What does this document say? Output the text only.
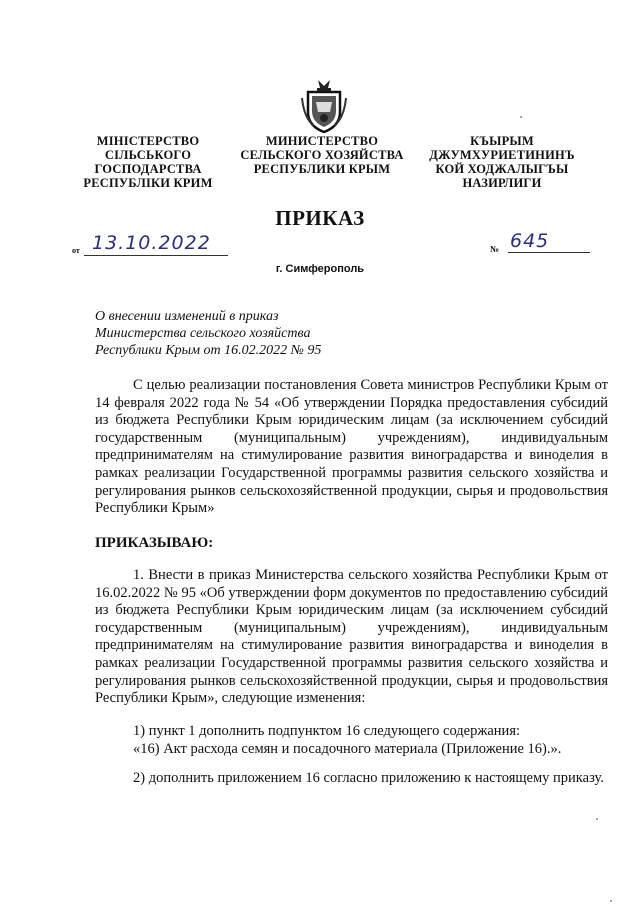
МІНІСТЕРСТВО
СІЛЬСЬКОГО
ГОСПОДАРСТВА
РЕСПУБЛІКИ КРИМ
МИНИСТЕРСТВО
СЕЛЬСКОГО ХОЗЯЙСТВА
РЕСПУБЛИКИ КРЫМ
КЪЫРЫМ
ДЖУМХУРИЕТИНИНЪ
КОЙ ХОДЖАЛЫГЪЫ
НАЗИРЛИГИ
ПРИКАЗ
от 13.10.2022	№ 645
г. Симферополь
О внесении изменений в приказ
Министерства сельского хозяйства
Республики Крым от 16.02.2022 № 95
С целью реализации постановления Совета министров Республики Крым от 14 февраля 2022 года № 54 «Об утверждении Порядка предоставления субсидий из бюджета Республики Крым юридическим лицам (за исключением субсидий государственным (муниципальным) учреждениям), индивидуальным предпринимателям на стимулирование развития виноградарства и виноделия в рамках реализации Государственной программы развития сельского хозяйства и регулирования рынков сельскохозяйственной продукции, сырья и продовольствия Республики Крым»
ПРИКАЗЫВАЮ:
1. Внести в приказ Министерства сельского хозяйства Республики Крым от 16.02.2022 № 95 «Об утверждении форм документов по предоставлению субсидий из бюджета Республики Крым юридическим лицам (за исключением субсидий государственным (муниципальным) учреждениям), индивидуальным предпринимателям на стимулирование развития виноградарства и виноделия в рамках реализации Государственной программы развития сельского хозяйства и регулирования рынков сельскохозяйственной продукции, сырья и продовольствия Республики Крым», следующие изменения:
1) пункт 1 дополнить подпунктом 16 следующего содержания:
«16) Акт расхода семян и посадочного материала (Приложение 16).».
2) дополнить приложением 16 согласно приложению к настоящему приказу.
